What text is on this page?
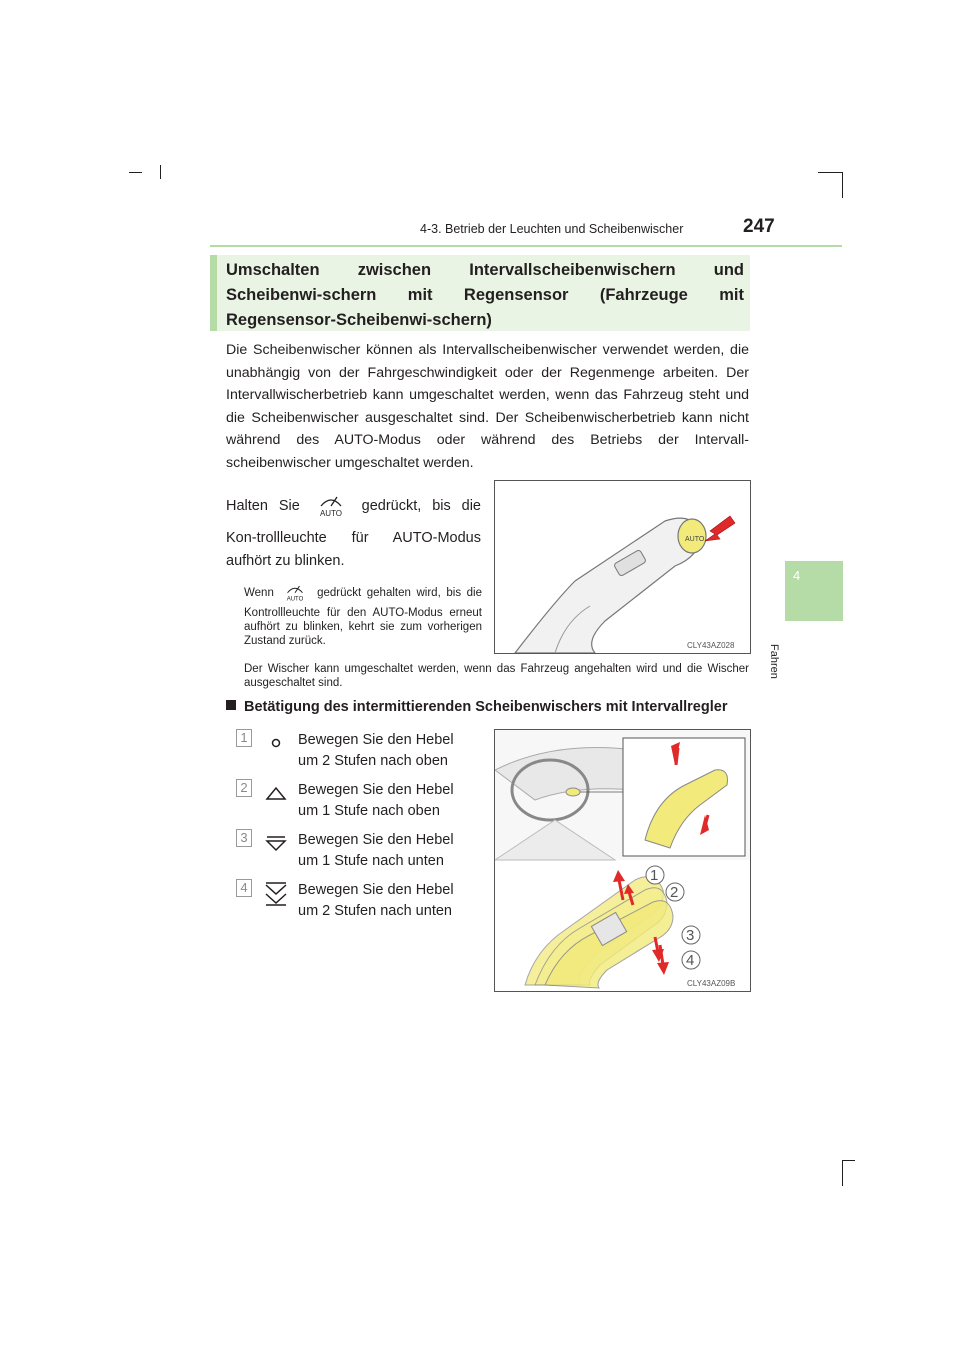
4-3. Betrieb der Leuchten und Scheibenwischer	247
4
Fahren
Umschalten zwischen Intervallscheibenwischern und Scheibenwi-schern mit Regensensor (Fahrzeuge mit Regensensor-Scheibenwi-schern)
Die Scheibenwischer können als Intervallscheibenwischer verwendet werden, die unabhängig von der Fahrgeschwindigkeit oder der Regenmenge arbeiten. Der Intervallwischerbetrieb kann umgeschaltet werden, wenn das Fahrzeug steht und die Scheibenwischer ausgeschaltet sind. Der Scheibenwischerbetrieb kann nicht während des AUTO-Modus oder während des Betriebs der Intervall-scheibenwischer umgeschaltet werden.
Halten Sie AUTO gedrückt, bis die Kon-trollleuchte für AUTO-Modus aufhört zu blinken.
Wenn
AUTO
gedrückt gehalten wird, bis die Kontrollleuchte für den AUTO-Modus erneut aufhört zu blinken, kehrt sie zum vorherigen Zustand zurück.
Der Wischer kann umgeschaltet werden, wenn das Fahrzeug angehalten wird und die Wischer ausgeschaltet sind.
AUTO
CLY43AZ028
Betätigung des intermittierenden Scheibenwischers mit Intervallregler
1	Bewegen Sie den Hebel um 2 Stufen nach oben
2	Bewegen Sie den Hebel um 1 Stufe nach oben
3	Bewegen Sie den Hebel um 1 Stufe nach unten
4	Bewegen Sie den Hebel um 2 Stufen nach unten
1
2
3
4
CLY43AZ09B
